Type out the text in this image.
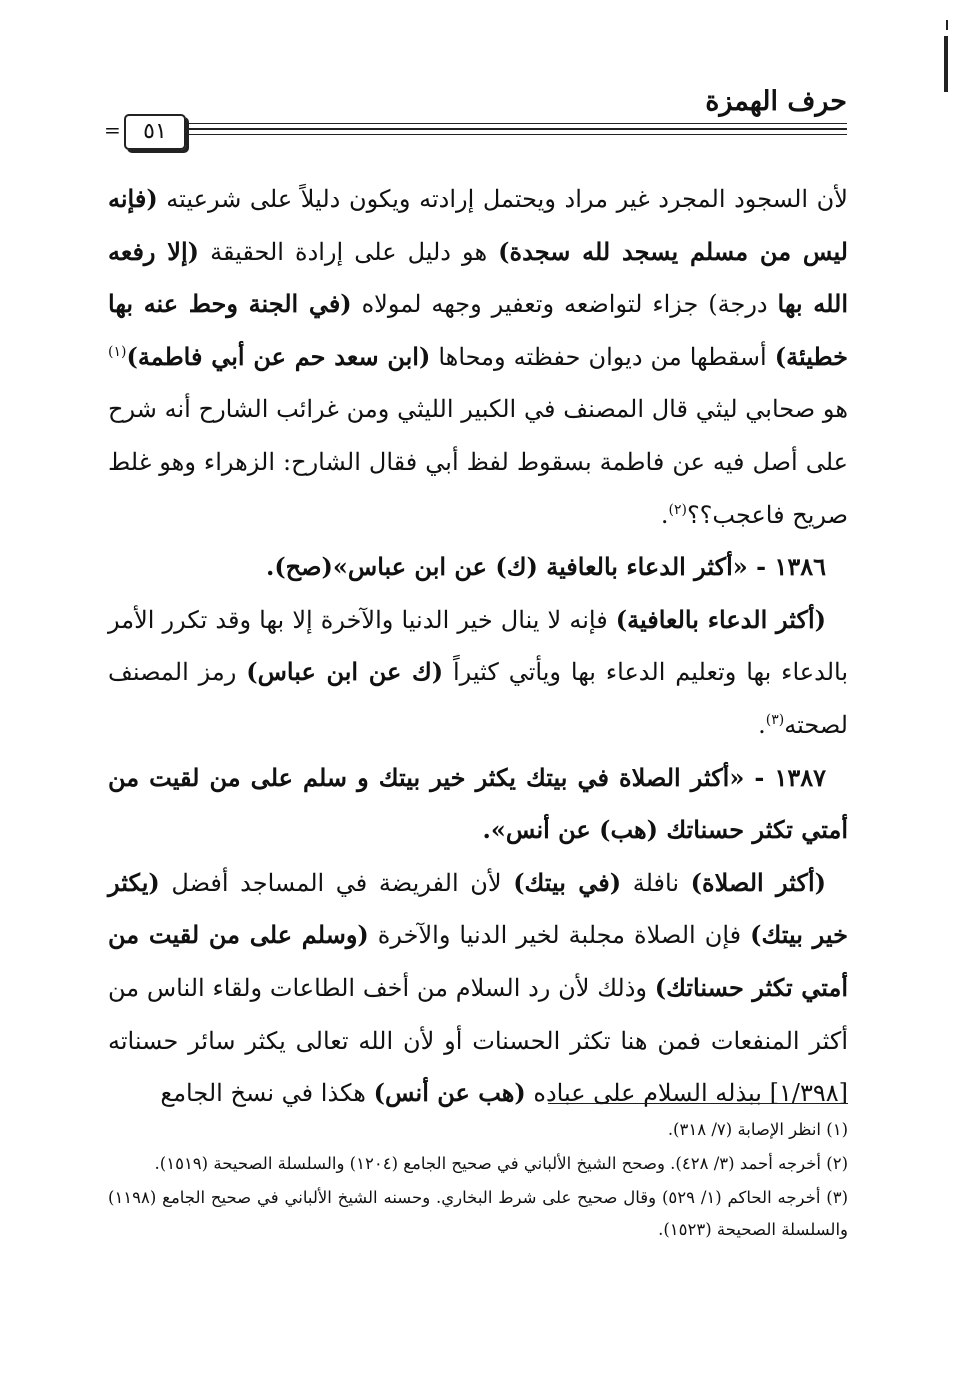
حرف الهمزة
٥١
=

لأن السجود المجرد غير مراد ويحتمل إرادته ويكون دليلاً على شرعيته (فإنه ليس من مسلم يسجد لله سجدة) هو دليل على إرادة الحقيقة (إلا رفعه الله بها درجة) جزاء لتواضعه وتعفير وجهه لمولاه (في الجنة وحط عنه بها خطيئة) أسقطها من ديوان حفظته ومحاها (ابن سعد حم عن أبي فاطمة)$^{(١)}$ هو صحابي ليثي قال المصنف في الكبير الليثي ومن غرائب الشارح أنه شرح على أصل فيه عن فاطمة بسقوط لفظ أبي فقال الشارح: الزهراء وهو غلط صريح فاعجب؟؟$^{(٢)}$.

١٣٨٦ - «أكثر الدعاء بالعافية (ك) عن ابن عباس»(صح).

(أكثر الدعاء بالعافية) فإنه لا ينال خير الدنيا والآخرة إلا بها وقد تكرر الأمر بالدعاء بها وتعليم الدعاء بها ويأتي كثيراً (ك عن ابن عباس) رمز المصنف لصحته$^{(٣)}$.

١٣٨٧ - «أكثر الصلاة في بيتك يكثر خير بيتك و سلم على من لقيت من أمتي تكثر حسناتك (هب) عن أنس».

(أكثر الصلاة) نافلة (في بيتك) لأن الفريضة في المساجد أفضل (يكثر خير بيتك) فإن الصلاة مجلبة لخير الدنيا والآخرة (وسلم على من لقيت من أمتي تكثر حسناتك) وذلك لأن رد السلام من أخف الطاعات ولقاء الناس من أكثر المنفعات فمن هنا تكثر الحسنات أو لأن الله تعالى يكثر سائر حسناته [١/٣٩٨] ببذله السلام على عباده (هب عن أنس) هكذا في نسخ الجامع

(١) انظر الإصابة (٧/ ٣١٨).

(٢) أخرجه أحمد (٣/ ٤٢٨). وصحح الشيخ الألباني في صحيح الجامع (١٢٠٤) والسلسلة الصحيحة (١٥١٩).

(٣) أخرجه الحاكم (١/ ٥٢٩) وقال صحيح على شرط البخاري. وحسنه الشيخ الألباني في صحيح الجامع (١١٩٨) والسلسلة الصحيحة (١٥٢٣).
